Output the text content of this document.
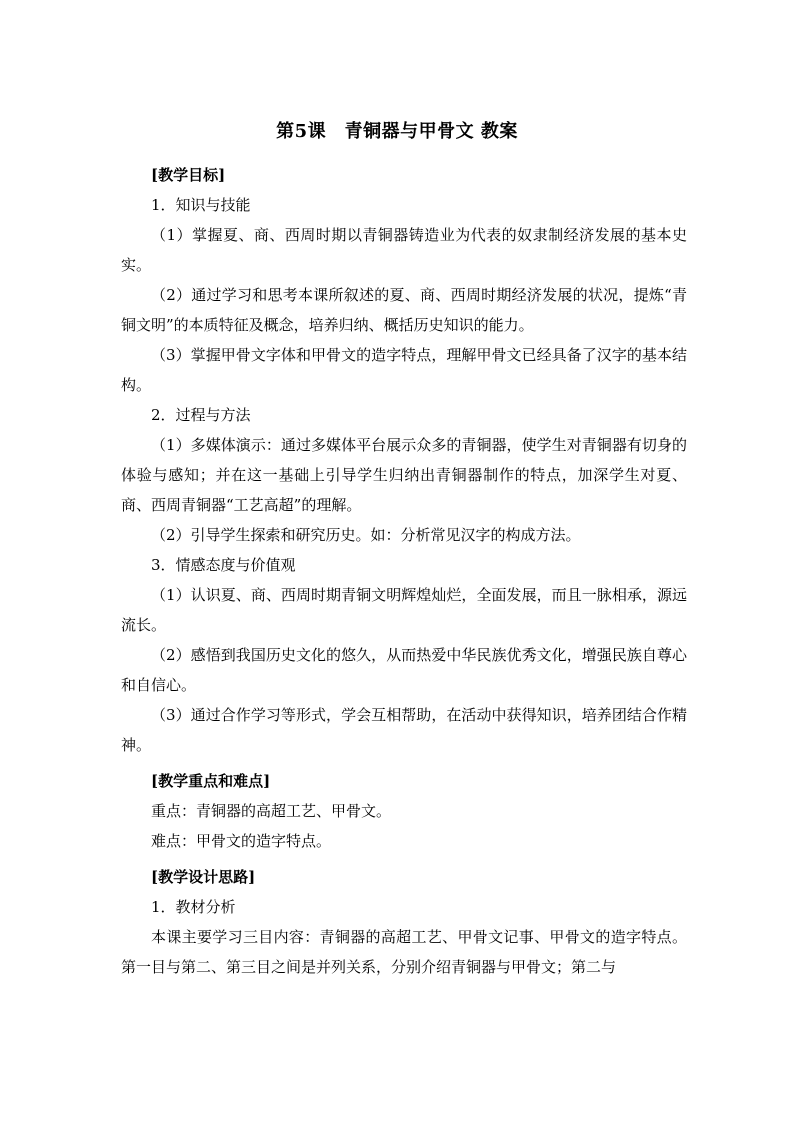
第5课　青铜器与甲骨文 教案

[教学目标]

1．知识与技能

（1）掌握夏、商、西周时期以青铜器铸造业为代表的奴隶制经济发展的基本史实。

（2）通过学习和思考本课所叙述的夏、商、西周时期经济发展的状况，提炼“青铜文明”的本质特征及概念，培养归纳、概括历史知识的能力。

（3）掌握甲骨文字体和甲骨文的造字特点，理解甲骨文已经具备了汉字的基本结构。

2．过程与方法

（1）多媒体演示：通过多媒体平台展示众多的青铜器，使学生对青铜器有切身的体验与感知；并在这一基础上引导学生归纳出青铜器制作的特点，加深学生对夏、商、西周青铜器“工艺高超”的理解。

（2）引导学生探索和研究历史。如：分析常见汉字的构成方法。

3．情感态度与价值观

（1）认识夏、商、西周时期青铜文明辉煌灿烂，全面发展，而且一脉相承，源远流长。

（2）感悟到我国历史文化的悠久，从而热爱中华民族优秀文化，增强民族自尊心和自信心。

（3）通过合作学习等形式，学会互相帮助，在活动中获得知识，培养团结合作精神。

[教学重点和难点]

重点：青铜器的高超工艺、甲骨文。

难点：甲骨文的造字特点。

[教学设计思路]

1．教材分析

本课主要学习三目内容：青铜器的高超工艺、甲骨文记事、甲骨文的造字特点。第一目与第二、第三目之间是并列关系，分别介绍青铜器与甲骨文；第二与
